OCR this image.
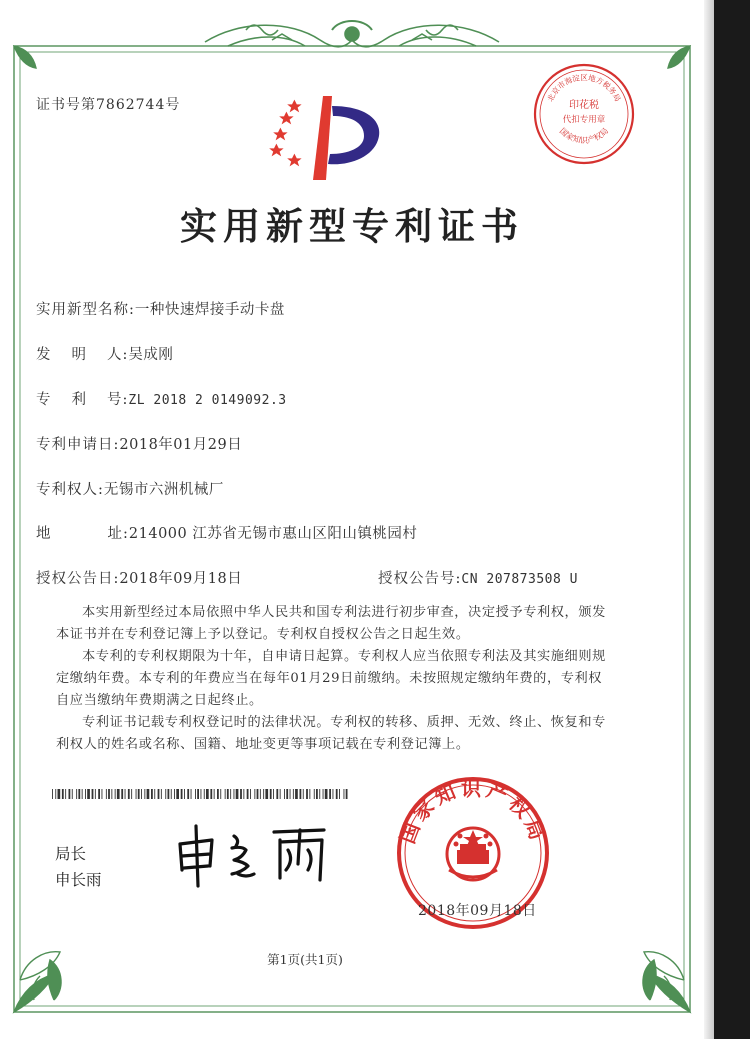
证书号第7862744号	印花税
代扣专用章
北京市海淀区地方税务局
国家知识产权局
实用新型专利证书
实用新型名称:一种快速焊接手动卡盘
发 明 人:吴成刚
专 利 号:ZL 2018 2 0149092.3
专利申请日:2018年01月29日
专利权人:无锡市六洲机械厂
地	址:214000 江苏省无锡市惠山区阳山镇桃园村
授权公告日:2018年09月18日	授权公告号:CN 207873508 U
本实用新型经过本局依照中华人民共和国专利法进行初步审查，决定授予专利权，颁发本证书并在专利登记簿上予以登记。专利权自授权公告之日起生效。
本专利的专利权期限为十年，自申请日起算。专利权人应当依照专利法及其实施细则规定缴纳年费。本专利的年费应当在每年01月29日前缴纳。未按照规定缴纳年费的，专利权自应当缴纳年费期满之日起终止。
专利证书记载专利权登记时的法律状况。专利权的转移、质押、无效、终止、恢复和专利权人的姓名或名称、国籍、地址变更等事项记载在专利登记簿上。
局长
申长雨
国家知识产权局
2018年09月18日
第1页(共1页)
